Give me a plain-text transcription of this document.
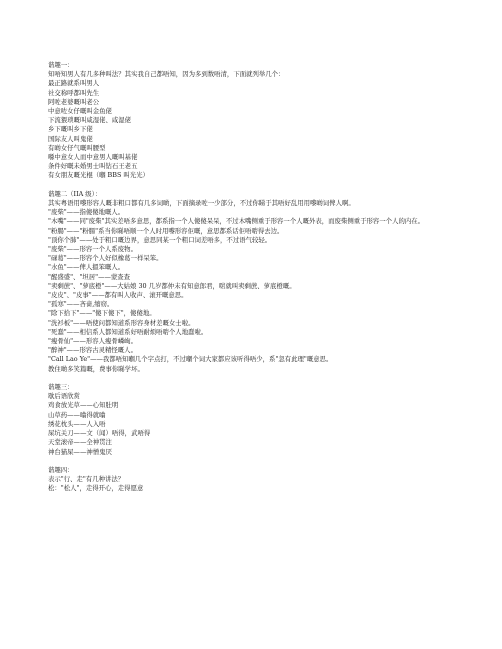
谐趣一：
知唔知男人有几多种叫法？其实我自己都唔知，因为多到数唔清，下面就列举几个：
最正路就系叫男人
社交称呼都叫先生
阿咗老婆嘅叫老公
中意咗女仔嘅叫金鱼佬
下流猥琐嘅叫咸湿佬、咸湿佬
乡下嘅叫乡下佬
国际友人叫鬼佬
有啲女仔气嘅叫腰型
喺中意女人而中意男人嘅叫基佬
条件好嘅未婚男士叫钻石王老五
有女朋友嘅光棍（嗰 BBS 叫光光）
谐趣二（IIA 级）：
其实粤语用嚟形容人嘅非粗口都有几多词啲，下面摘录咗一少部分，不过你睇于其唔好乱用用嚟啲词俾人啊。
"废柴"——指傻傻地嘅人。
"木嘴"——同"废柴"其实差唔多意思，都系指一个人傻傻呆呆，不过木嘴侧重于形容一个人嘅外表，而废柴侧重于形容一个人的内在。
"粉腸"——"粉腸"系当你睇唔顺一个人时用嚟形容佢嘅，意思都系话佢唔啱得去边。
"顶你个肺"——处于粗口嘅边界，意思同某一个粗口词差唔多，不过语气较轻。
"废柴"——形容一个人系废物。
"碌葛"——形容个人好似橡葛一样呆笨。
"水鱼"——俾人搵笨嘅人。
"醒盛盛"、"坦居"——蒙查查
"卖剩蔗"、"萝底橙"——大姑娘 30 几岁都仲未有知意郎君，啱就叫卖剩蔗、萝底橙嘅。
"皮皮"、"皮事"——都有叫人收声、滚开嘅意思。
"孤寒"——吝啬,缩窃。
"除下拾下"——"傻下傻下"，傻傻地。
"洗衫板"——唔使问都知道系形容身材差嘅女士啦。
"死蠢"——相信系人都知道系好唔耐烦唔啱个人地蠢啦。
"瘦骨仙"——形容人瘦骨嶙峋。
"醉神"——形容古灵精怪嘅人。
"Call Lao Ye"——我都唔知嗰几个字点打，不过嗰个词大家都应该听得唔少，系"忽有此理"嘅意思。
教住啲多笑篇嘅，费事你睇学坏。
谐趣三：
歇后语欣赏
鸡食放光草——心知肚明
山草药——噏得就噏
绣花枕头——人入唔
屎坑关刀——文（闻）唔得，武唔得
天堂滚帝——全神贯注
神台猫屎——神憎鬼厌
谐趣四：
表示"行、走"有几种讲法？
松："松人"，走得开心，走得愿意
